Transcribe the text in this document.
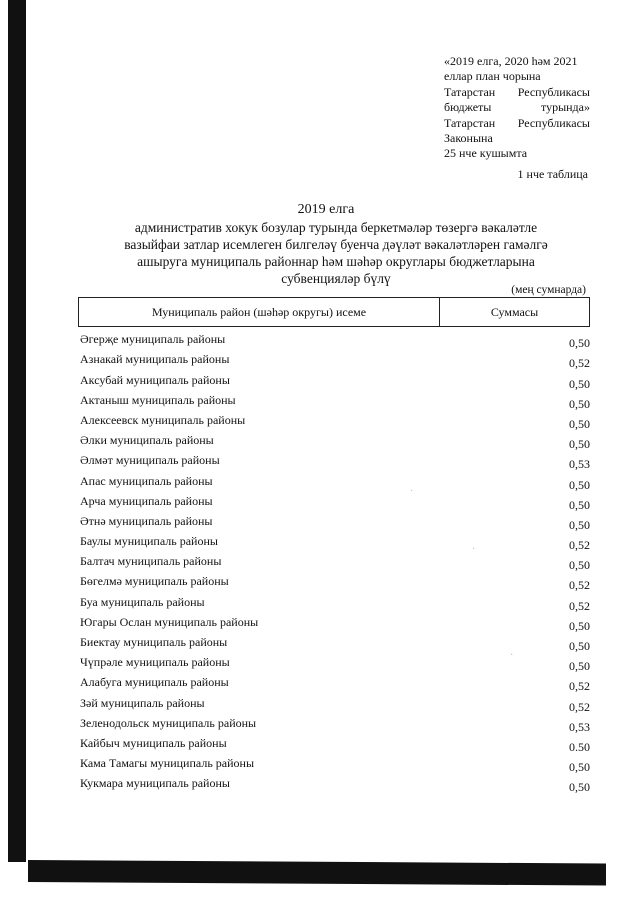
«2019 елга, 2020 һәм 2021
еллар план чорына
Татарстан Республикасы
бюджеты	турында»
Татарстан Республикасы
Законына
25 нче кушымта
1 нче таблица
2019 елга
административ хокук бозулар турында беркетмәләр төзергә вәкаләтле
вазыйфаи затлар исемлеген билгеләү буенча дәүләт вәкаләтләрен гамәлгә
ашыруга муниципаль районнар һәм шәһәр округлары бюджетларына
субвенцияләр бүлү
(мең сумнарда)
Муниципаль район (шәһәр округы) исеме	Суммасы
Әгерҗе муниципаль районы	0,50
Азнакай муниципаль районы	0,52
Аксубай муниципаль районы	0,50
Актаныш муниципаль районы	0,50
Алексеевск муниципаль районы	0,50
Әлки муниципаль районы	0,50
Әлмәт муниципаль районы	0,53
Апас муниципаль районы	0,50
Арча муниципаль районы	0,50
Әтнә муниципаль районы	0,50
Баулы муниципаль районы	0,52
Балтач муниципаль районы	0,50
Бөгелмә муниципаль районы	0,52
Буа муниципаль районы	0,52
Югары Ослан муниципаль районы	0,50
Биектау муниципаль районы	0,50
Чүпрәле муниципаль районы	0,50
Алабуга муниципаль районы	0,52
Зәй муниципаль районы	0,52
Зеленодольск муниципаль районы	0,53
Кайбыч муниципаль районы	0.50
Кама Тамагы муниципаль районы	0,50
Кукмара муниципаль районы	0,50
·
·
·
